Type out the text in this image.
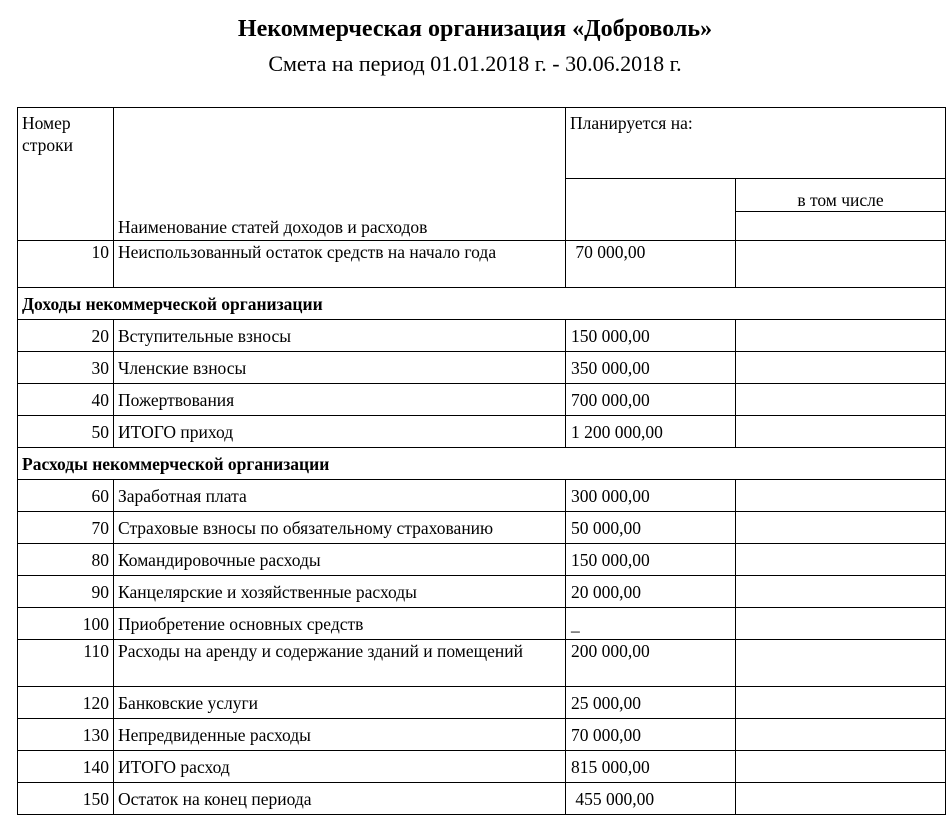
Некоммерческая организация «Доброволь»
Смета на период 01.01.2018 г. - 30.06.2018 г.
Номер строки	Наименование статей доходов и расходов	Планируется на:	
			в том числе

10	Неиспользованный остаток средств на начало года	70 000,00	
Доходы некоммерческой организации			
20	Вступительные взносы	150 000,00	
30	Членские взносы	350 000,00	
40	Пожертвования	700 000,00	
50	ИТОГО приход	1 200 000,00	
Расходы некоммерческой организации			
60	Заработная плата	300 000,00	
70	Страховые взносы по обязательному страхованию	50 000,00	
80	Командировочные расходы	150 000,00	
90	Канцелярские и хозяйственные расходы	20 000,00	
100	Приобретение основных средств	_	
110	Расходы на аренду и содержание зданий и помещений	200 000,00	
120	Банковские услуги	25 000,00	
130	Непредвиденные расходы	70 000,00	
140	ИТОГО расход	815 000,00	
150	Остаток на конец периода	455 000,00	
